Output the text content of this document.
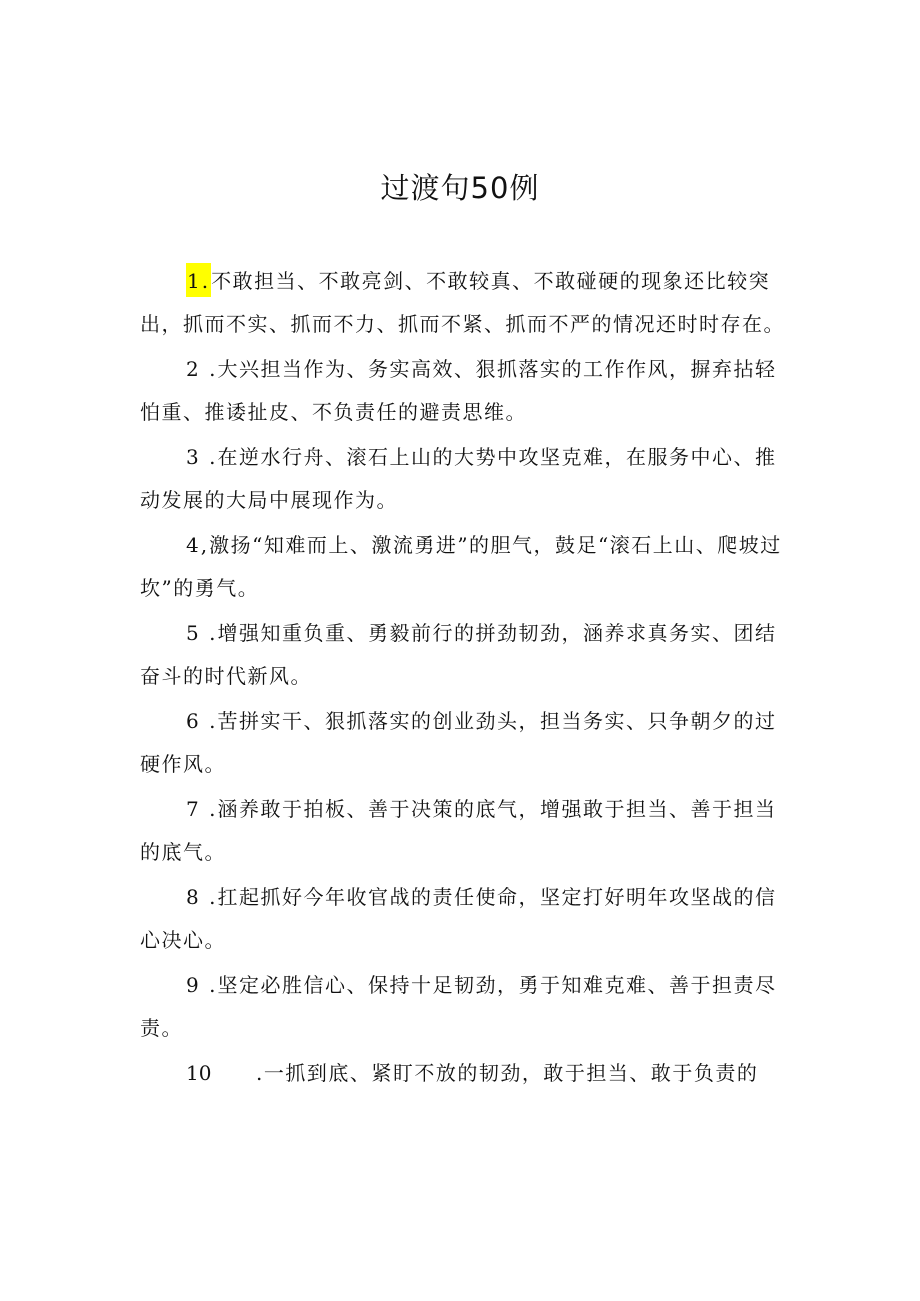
过渡句50例

1.不敢担当、不敢亮剑、不敢较真、不敢碰硬的现象还比较突出，抓而不实、抓而不力、抓而不紧、抓而不严的情况还时时存在。

2 .大兴担当作为、务实高效、狠抓落实的工作作风，摒弃拈轻怕重、推诿扯皮、不负责任的避责思维。

3 .在逆水行舟、滚石上山的大势中攻坚克难，在服务中心、推动发展的大局中展现作为。

4,激扬“知难而上、激流勇进”的胆气，鼓足“滚石上山、爬坡过坎”的勇气。

5 .增强知重负重、勇毅前行的拼劲韧劲，涵养求真务实、团结奋斗的时代新风。

6 .苦拼实干、狠抓落实的创业劲头，担当务实、只争朝夕的过硬作风。

7 .涵养敢于拍板、善于决策的底气，增强敢于担当、善于担当的底气。

8 .扛起抓好今年收官战的责任使命，坚定打好明年攻坚战的信心决心。

9 .坚定必胜信心、保持十足韧劲，勇于知难克难、善于担责尽责。

10 .一抓到底、紧盯不放的韧劲，敢于担当、敢于负责的
